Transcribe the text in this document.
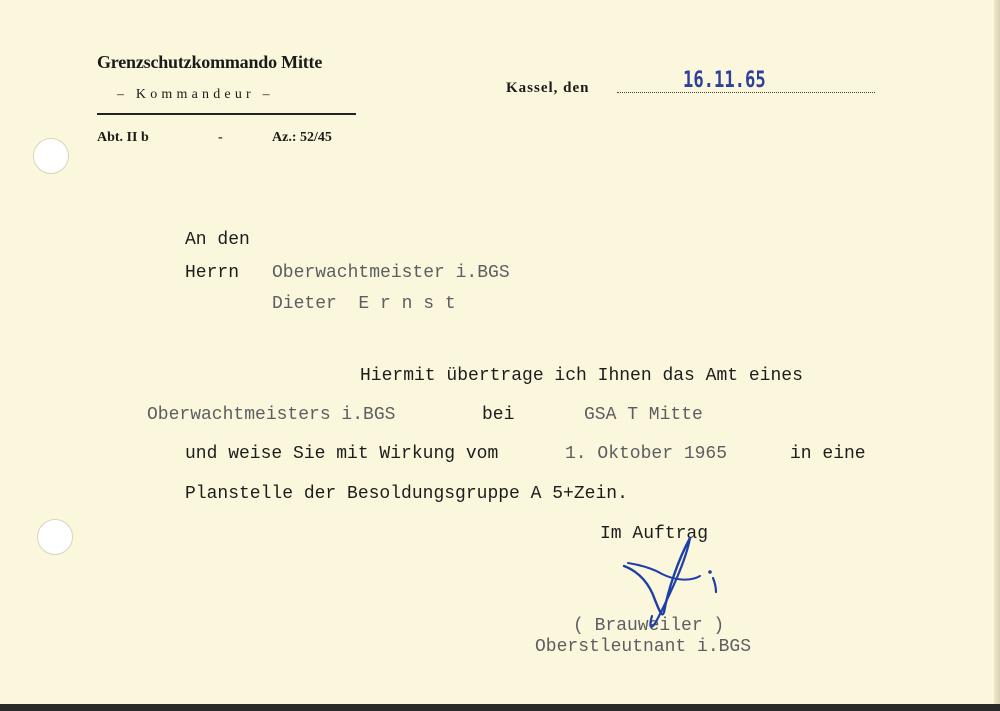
Grenzschutzkommando Mitte
– Kommandeur –
Abt. II b	-	Az.: 52/45
Kassel, den	16.11.65
An den
Herrn Oberwachtmeister i.BGS
Dieter  E r n s t
Hiermit übertrage ich Ihnen das Amt eines
Oberwachtmeisters i.BGS	bei	GSA T Mitte
und weise Sie mit Wirkung vom	1. Oktober 1965	in eine
Planstelle der Besoldungsgruppe A 5+Zein.
Im Auftrag
( Brauweiler )
Oberstleutnant i.BGS
